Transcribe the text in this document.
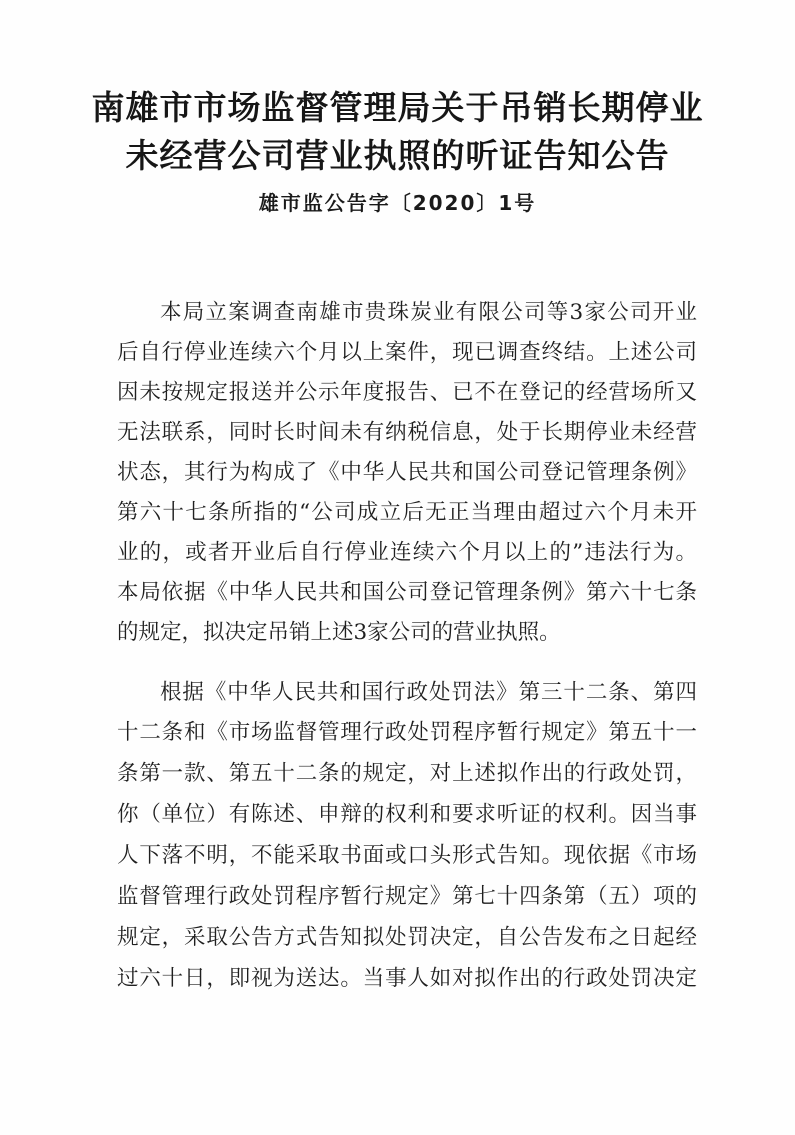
南雄市市场监督管理局关于吊销长期停业
未经营公司营业执照的听证告知公告
雄市监公告字〔2020〕1号
本局立案调查南雄市贵珠炭业有限公司等3家公司开业
后自行停业连续六个月以上案件，现已调查终结。上述公司
因未按规定报送并公示年度报告、已不在登记的经营场所又
无法联系，同时长时间未有纳税信息，处于长期停业未经营
状态，其行为构成了《中华人民共和国公司登记管理条例》
第六十七条所指的“公司成立后无正当理由超过六个月未开
业的，或者开业后自行停业连续六个月以上的”违法行为。
本局依据《中华人民共和国公司登记管理条例》第六十七条
的规定，拟决定吊销上述3家公司的营业执照。
根据《中华人民共和国行政处罚法》第三十二条、第四
十二条和《市场监督管理行政处罚程序暂行规定》第五十一
条第一款、第五十二条的规定，对上述拟作出的行政处罚，
你（单位）有陈述、申辩的权利和要求听证的权利。因当事
人下落不明，不能采取书面或口头形式告知。现依据《市场
监督管理行政处罚程序暂行规定》第七十四条第（五）项的
规定，采取公告方式告知拟处罚决定，自公告发布之日起经
过六十日，即视为送达。当事人如对拟作出的行政处罚决定
